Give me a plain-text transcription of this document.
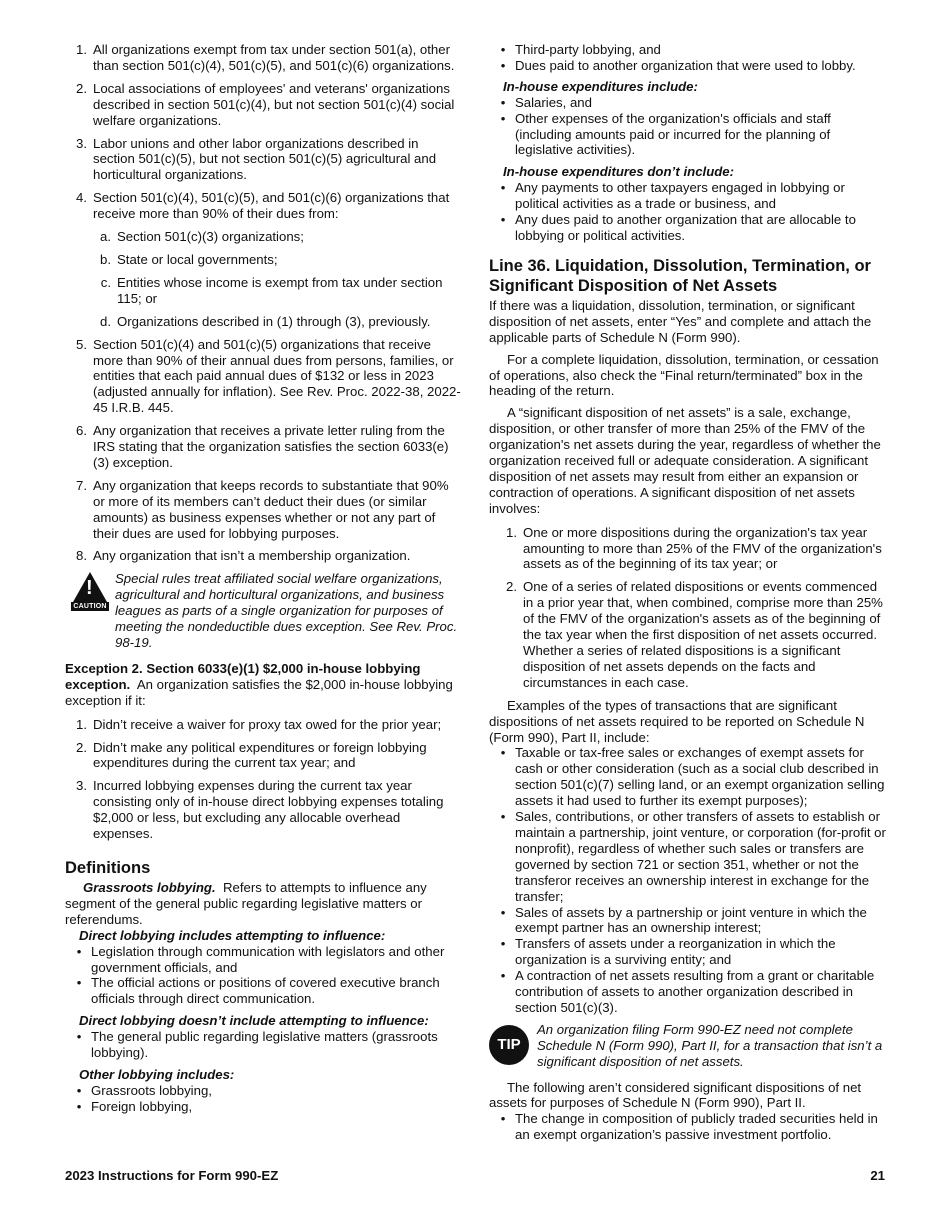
1. All organizations exempt from tax under section 501(a), other than section 501(c)(4), 501(c)(5), and 501(c)(6) organizations.
2. Local associations of employees' and veterans' organizations described in section 501(c)(4), but not section 501(c)(4) social welfare organizations.
3. Labor unions and other labor organizations described in section 501(c)(5), but not section 501(c)(5) agricultural and horticultural organizations.
4. Section 501(c)(4), 501(c)(5), and 501(c)(6) organizations that receive more than 90% of their dues from:
a. Section 501(c)(3) organizations;
b. State or local governments;
c. Entities whose income is exempt from tax under section 115; or
d. Organizations described in (1) through (3), previously.
5. Section 501(c)(4) and 501(c)(5) organizations that receive more than 90% of their annual dues from persons, families, or entities that each paid annual dues of $132 or less in 2023 (adjusted annually for inflation). See Rev. Proc. 2022-38, 2022-45 I.R.B. 445.
6. Any organization that receives a private letter ruling from the IRS stating that the organization satisfies the section 6033(e)(3) exception.
7. Any organization that keeps records to substantiate that 90% or more of its members can’t deduct their dues (or similar amounts) as business expenses whether or not any part of their dues are used for lobbying purposes.
8. Any organization that isn’t a membership organization.
!
CAUTION
Special rules treat affiliated social welfare organizations, agricultural and horticultural organizations, and business leagues as parts of a single organization for purposes of meeting the nondeductible dues exception. See Rev. Proc. 98-19.
Exception 2. Section 6033(e)(1) $2,000 in-house lobbying exception. An organization satisfies the $2,000 in-house lobbying exception if it:
1. Didn’t receive a waiver for proxy tax owed for the prior year;
2. Didn’t make any political expenditures or foreign lobbying expenditures during the current tax year; and
3. Incurred lobbying expenses during the current tax year consisting only of in-house direct lobbying expenses totaling $2,000 or less, but excluding any allocable overhead expenses.
Definitions
Grassroots lobbying. Refers to attempts to influence any segment of the general public regarding legislative matters or referendums.
Direct lobbying includes attempting to influence:
• Legislation through communication with legislators and other government officials, and
• The official actions or positions of covered executive branch officials through direct communication.
Direct lobbying doesn’t include attempting to influence:
• The general public regarding legislative matters (grassroots lobbying).
Other lobbying includes:
• Grassroots lobbying,
• Foreign lobbying,
• Third-party lobbying, and
• Dues paid to another organization that were used to lobby.
In-house expenditures include:
• Salaries, and
• Other expenses of the organization's officials and staff (including amounts paid or incurred for the planning of legislative activities).
In-house expenditures don’t include:
• Any payments to other taxpayers engaged in lobbying or political activities as a trade or business, and
• Any dues paid to another organization that are allocable to lobbying or political activities.
Line 36. Liquidation, Dissolution, Termination, or Significant Disposition of Net Assets
If there was a liquidation, dissolution, termination, or significant disposition of net assets, enter “Yes” and complete and attach the applicable parts of Schedule N (Form 990).
For a complete liquidation, dissolution, termination, or cessation of operations, also check the “Final return/terminated” box in the heading of the return.
A “significant disposition of net assets” is a sale, exchange, disposition, or other transfer of more than 25% of the FMV of the organization's net assets during the year, regardless of whether the organization received full or adequate consideration. A significant disposition of net assets may result from either an expansion or contraction of operations. A significant disposition of net assets involves:
1. One or more dispositions during the organization's tax year amounting to more than 25% of the FMV of the organization's assets as of the beginning of its tax year; or
2. One of a series of related dispositions or events commenced in a prior year that, when combined, comprise more than 25% of the FMV of the organization's assets as of the beginning of the tax year when the first disposition of net assets occurred. Whether a series of related dispositions is a significant disposition of net assets depends on the facts and circumstances in each case.
Examples of the types of transactions that are significant dispositions of net assets required to be reported on Schedule N (Form 990), Part II, include:
• Taxable or tax-free sales or exchanges of exempt assets for cash or other consideration (such as a social club described in section 501(c)(7) selling land, or an exempt organization selling assets it had used to further its exempt purposes);
• Sales, contributions, or other transfers of assets to establish or maintain a partnership, joint venture, or corporation (for-profit or nonprofit), regardless of whether such sales or transfers are governed by section 721 or section 351, whether or not the transferor receives an ownership interest in exchange for the transfer;
• Sales of assets by a partnership or joint venture in which the exempt partner has an ownership interest;
• Transfers of assets under a reorganization in which the organization is a surviving entity; and
• A contraction of net assets resulting from a grant or charitable contribution of assets to another organization described in section 501(c)(3).
TIP
An organization filing Form 990-EZ need not complete Schedule N (Form 990), Part II, for a transaction that isn’t a significant disposition of net assets.
The following aren’t considered significant dispositions of net assets for purposes of Schedule N (Form 990), Part II.
• The change in composition of publicly traded securities held in an exempt organization’s passive investment portfolio.
2023 Instructions for Form 990-EZ	21
